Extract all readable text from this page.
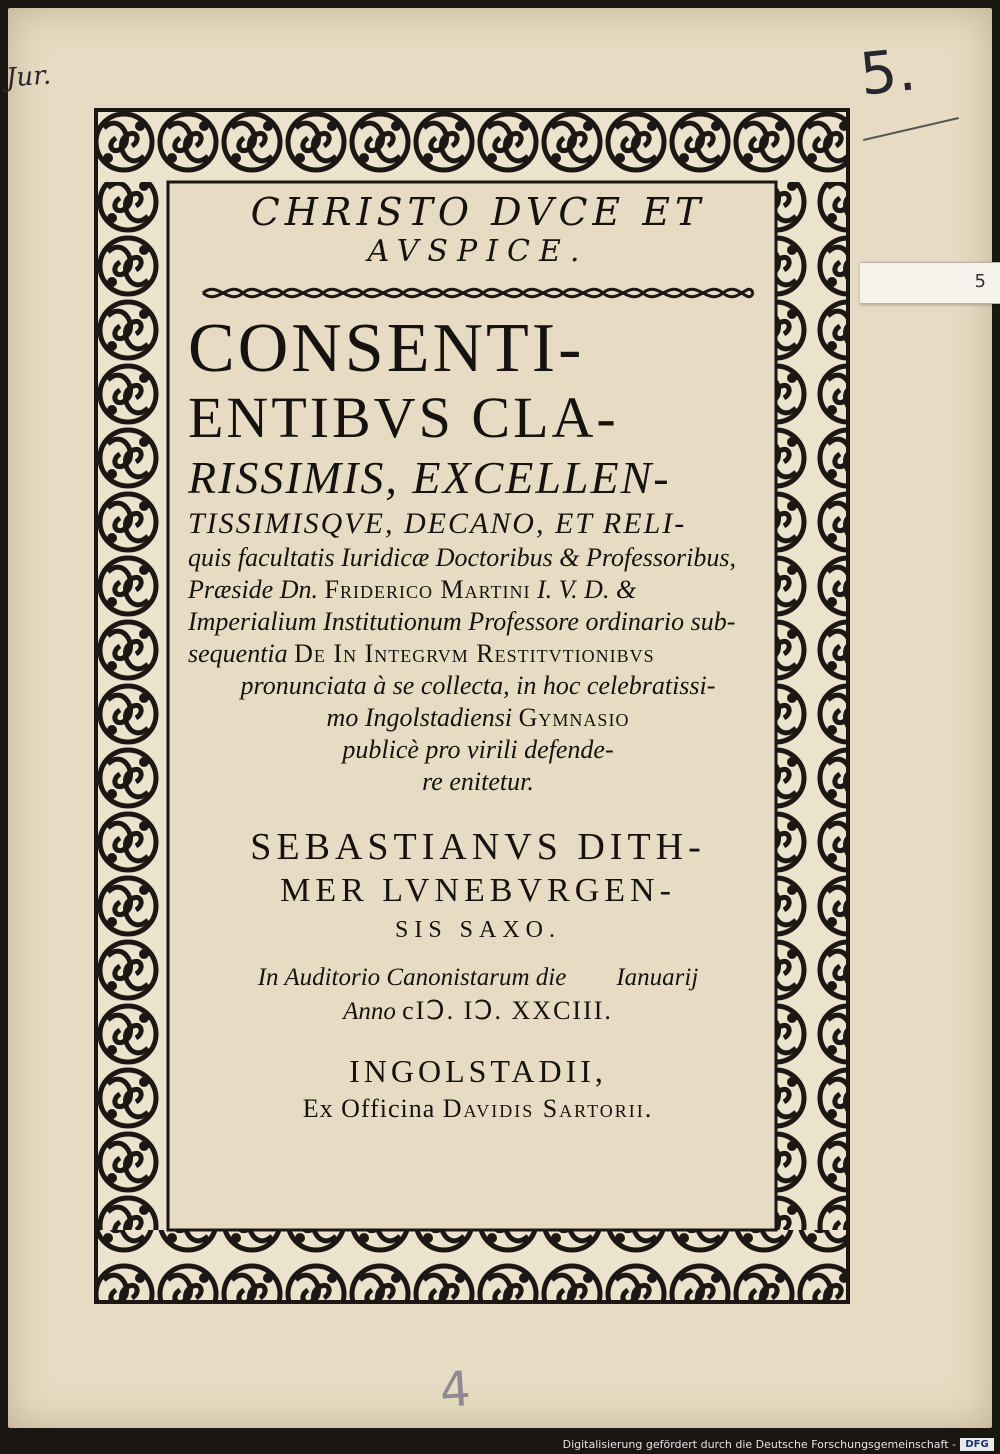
Jur.	5.
5
4
CHRISTO DVCE ET
AVSPICE.
CONSENTI-
ENTIBVS CLA-
RISSIMIS, EXCELLEN-
TISSIMISQVE, DECANO, ET RELI-
quis facultatis Iuridicæ Doctoribus & Professoribus,
Præside Dn. Friderico Martini I. V. D. &
Imperialium Institutionum Professore ordinario sub-
sequentia De In Integrvm Restitvtionibvs
pronunciata à se collecta, in hoc celebratissi-
mo Ingolstadiensi Gymnasio
publicè pro virili defende-
re enitetur.
SEBASTIANVS DITH-
MER LVNEBVRGEN-
SIS SAXO.
In Auditorio Canonistarum die Ianuarij
Anno cIↃ. IↃ. XXCIII.
INGOLSTADII,
Ex Officina Davidis Sartorii.
Digitalisierung gefördert durch die Deutsche Forschungsgemeinschaft - DFG
